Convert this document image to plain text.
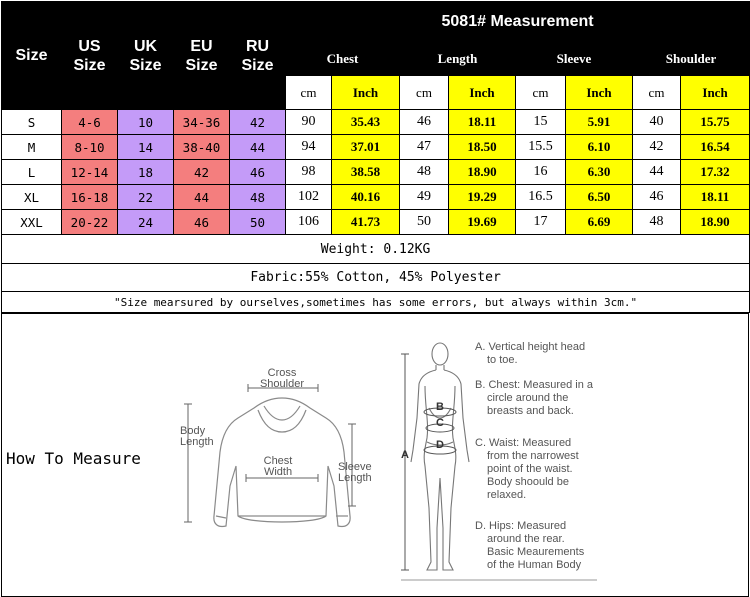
Size	US Size	UK Size	EU Size	RU Size	5081# Measurement							
					Chest		Length		Sleeve		Shoulder	
					cm	Inch	cm	Inch	cm	Inch	cm	Inch
S	4-6	10	34-36	42	90	35.43	46	18.11	15	5.91	40	15.75
M	8-10	14	38-40	44	94	37.01	47	18.50	15.5	6.10	42	16.54
L	12-14	18	42	46	98	38.58	48	18.90	16	6.30	44	17.32
XL	16-18	22	44	48	102	40.16	49	19.29	16.5	6.50	46	18.11
XXL	20-22	24	46	50	106	41.73	50	19.69	17	6.69	48	18.90
Weight: 0.12KG												
Fabric:55% Cotton, 45% Polyester												
"Size mearsured by ourselves,sometimes has some errors, but always within 3cm."												
How To Measure
Cross
Shoulder
Body
Length
Chest
Width	Sleeve
Length
A
B
C
D
A. Vertical height head
to toe.
B. Chest: Measured in a
circle around the
breasts and back.
C. Waist: Measured
from the narrowest
point of the waist.
Body shoould be
relaxed.
D. Hips: Measured
around the rear.
Basic Meaurements
of the Human Body
